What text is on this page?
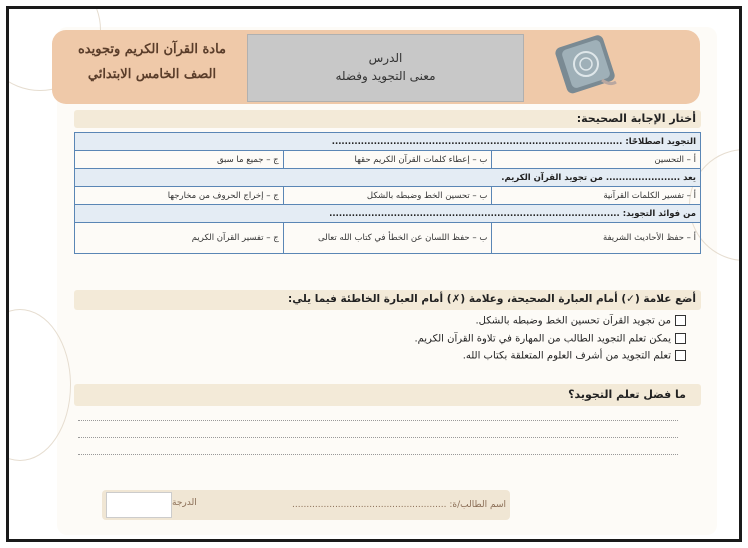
مادة القرآن الكريم وتجويده
الصف الخامس الابتدائي
الدرس
معنى التجويد وفضله
أختار الإجابة الصحيحة:
التجويد اصطلاحًا: ..........................................................................................		
أ – التحسين	ب – إعطاء كلمات القرآن الكريم حقها	ج – جميع ما سبق
يعد ....................... من تجويد القرآن الكريم.		
أ – تفسير الكلمات القرآنية	ب – تحسين الخط وضبطه بالشكل	ج – إخراج الحروف من مخارجها
من فوائد التجويد: ..........................................................................................		
أ – حفظ الأحاديث الشريفة	ب – حفظ اللسان عن الخطأ في كتاب الله تعالى	ج – تفسير القرآن الكريم
أضع علامة (✓) أمام العبارة الصحيحة، وعلامة (✗) أمام العبارة الخاطئة فيما يلي:
من تجويد القرآن تحسين الخط وضبطه بالشكل.
يمكن تعلم التجويد الطالب من المهارة في تلاوة القرآن الكريم.
تعلم التجويد من أشرف العلوم المتعلقة بكتاب الله.
ما فضل تعلم التجويد؟
الدرجة	اسم الطالب/ة: ......................................................
